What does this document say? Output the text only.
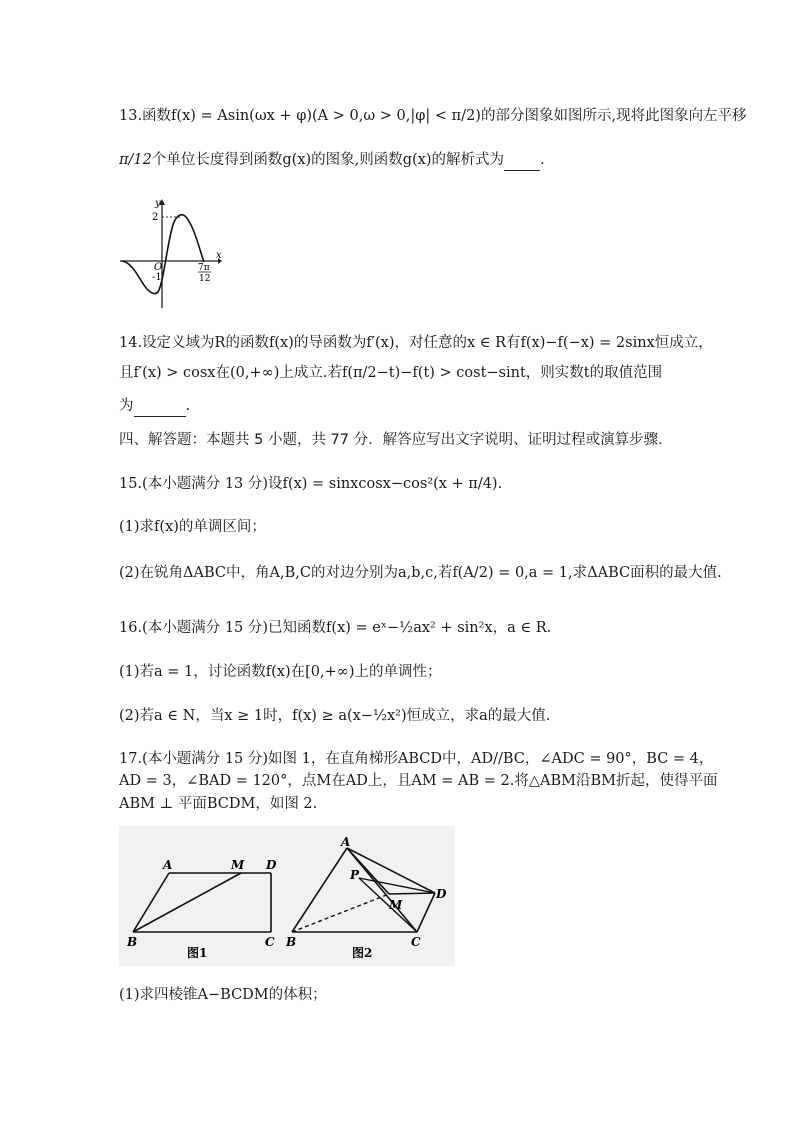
13.函数f(x) = Asin(ωx + φ)(A > 0,ω > 0,|φ| < π/2)的部分图象如图所示,现将此图象向左平移
π/12个单位长度得到函数g(x)的图象,则函数g(x)的解析式为 .
y
x
O
2
-1
7π
12
14.设定义域为R的函数f(x)的导函数为f′(x)，对任意的x ∈ R有f(x)−f(−x) = 2sinx恒成立，
且f′(x) > cosx在(0,+∞)上成立.若f(π/2−t)−f(t) > cost−sint，则实数t的取值范围
为	.
四、解答题：本题共 5 小题，共 77 分．解答应写出文字说明、证明过程或演算步骤．
15.(本小题满分 13 分)设f(x) = sinxcosx−cos²(x + π/4).
(1)求f(x)的单调区间；
(2)在锐角ΔABC中，角A,B,C的对边分别为a,b,c,若f(A/2) = 0,a = 1,求ΔABC面积的最大值.
16.(本小题满分 15 分)已知函数f(x) = eˣ−½ax² + sin²x，a ∈ R.
(1)若a = 1，讨论函数f(x)在[0,+∞)上的单调性；
(2)若a ∈ N，当x ≥ 1时，f(x) ≥ a(x−½x²)恒成立，求a的最大值.
17.(本小题满分 15 分)如图 1，在直角梯形ABCD中，AD//BC，∠ADC = 90°，BC = 4，
AD = 3，∠BAD = 120°，点M在AD上，且AM = AB = 2.将△ABM沿BM折起，使得平面
ABM ⊥ 平面BCDM，如图 2.
A	M D
B	C
图1
A
P
M
D
B	C
图2
(1)求四棱锥A−BCDM的体积；
